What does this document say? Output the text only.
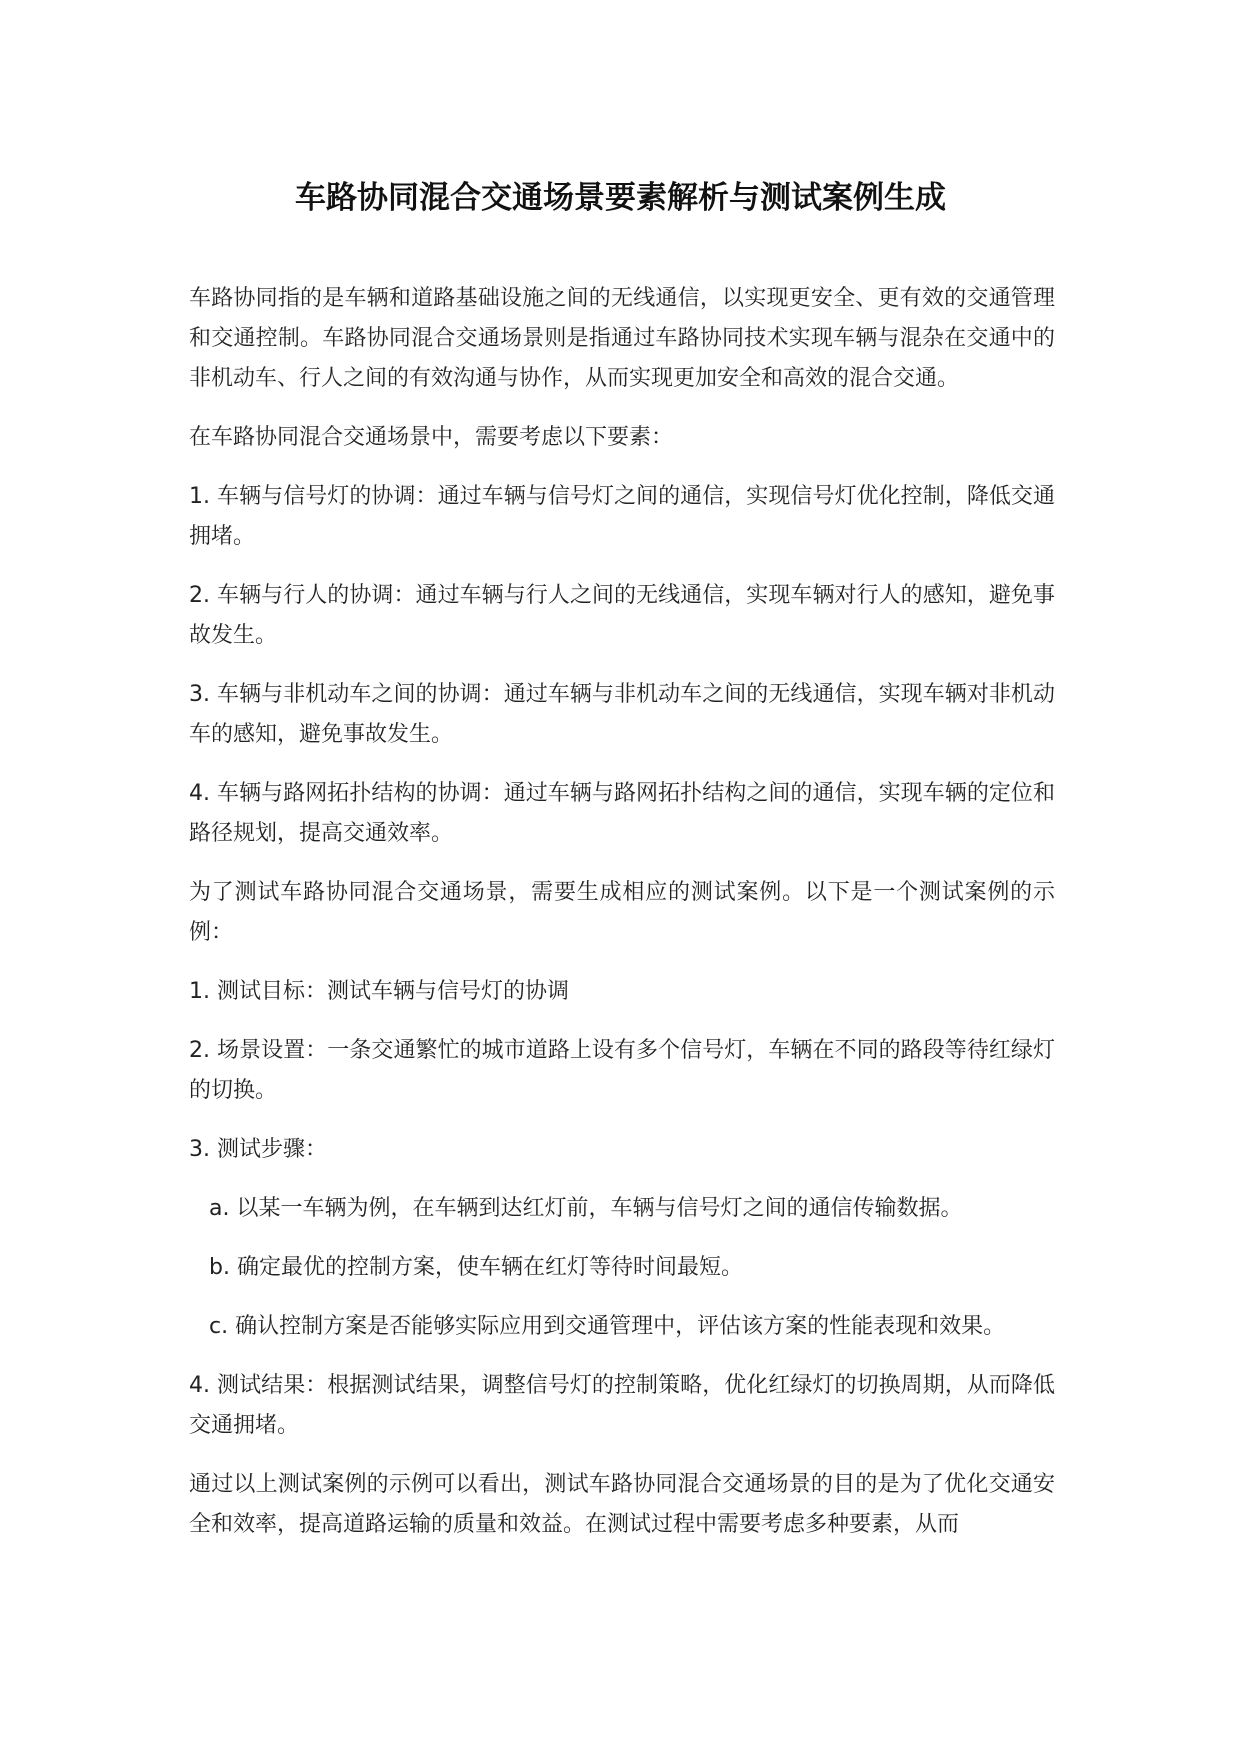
车路协同混合交通场景要素解析与测试案例生成

车路协同指的是车辆和道路基础设施之间的无线通信，以实现更安全、更有效的交通管理和交通控制。车路协同混合交通场景则是指通过车路协同技术实现车辆与混杂在交通中的非机动车、行人之间的有效沟通与协作，从而实现更加安全和高效的混合交通。

在车路协同混合交通场景中，需要考虑以下要素：

1. 车辆与信号灯的协调：通过车辆与信号灯之间的通信，实现信号灯优化控制，降低交通拥堵。

2. 车辆与行人的协调：通过车辆与行人之间的无线通信，实现车辆对行人的感知，避免事故发生。

3. 车辆与非机动车之间的协调：通过车辆与非机动车之间的无线通信，实现车辆对非机动车的感知，避免事故发生。

4. 车辆与路网拓扑结构的协调：通过车辆与路网拓扑结构之间的通信，实现车辆的定位和路径规划，提高交通效率。

为了测试车路协同混合交通场景，需要生成相应的测试案例。以下是一个测试案例的示例：

1. 测试目标：测试车辆与信号灯的协调

2. 场景设置：一条交通繁忙的城市道路上设有多个信号灯，车辆在不同的路段等待红绿灯的切换。

3. 测试步骤：

a. 以某一车辆为例，在车辆到达红灯前，车辆与信号灯之间的通信传输数据。

b. 确定最优的控制方案，使车辆在红灯等待时间最短。

c. 确认控制方案是否能够实际应用到交通管理中，评估该方案的性能表现和效果。

4. 测试结果：根据测试结果，调整信号灯的控制策略，优化红绿灯的切换周期，从而降低交通拥堵。

通过以上测试案例的示例可以看出，测试车路协同混合交通场景的目的是为了优化交通安全和效率，提高道路运输的质量和效益。在测试过程中需要考虑多种要素，从而
